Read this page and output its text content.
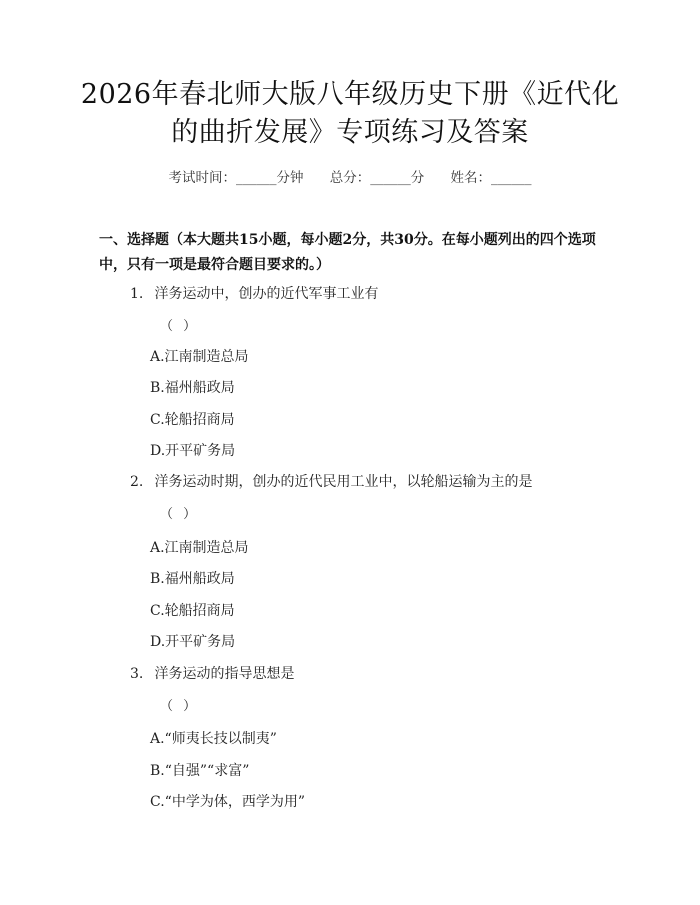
2026年春北师大版八年级历史下册《近代化
的曲折发展》专项练习及答案
考试时间：______分钟 总分：______分 姓名：______
一、选择题（本大题共15小题，每小题2分，共30分。在每小题列出的四个选项中，只有一项是最符合题目要求的。）
1. 洋务运动中，创办的近代军事工业有
（ ）
A.江南制造总局
B.福州船政局
C.轮船招商局
D.开平矿务局
2. 洋务运动时期，创办的近代民用工业中，以轮船运输为主的是
（ ）
A.江南制造总局
B.福州船政局
C.轮船招商局
D.开平矿务局
3. 洋务运动的指导思想是
（ ）
A.“师夷长技以制夷”
B.“自强”“求富”
C.“中学为体，西学为用”
